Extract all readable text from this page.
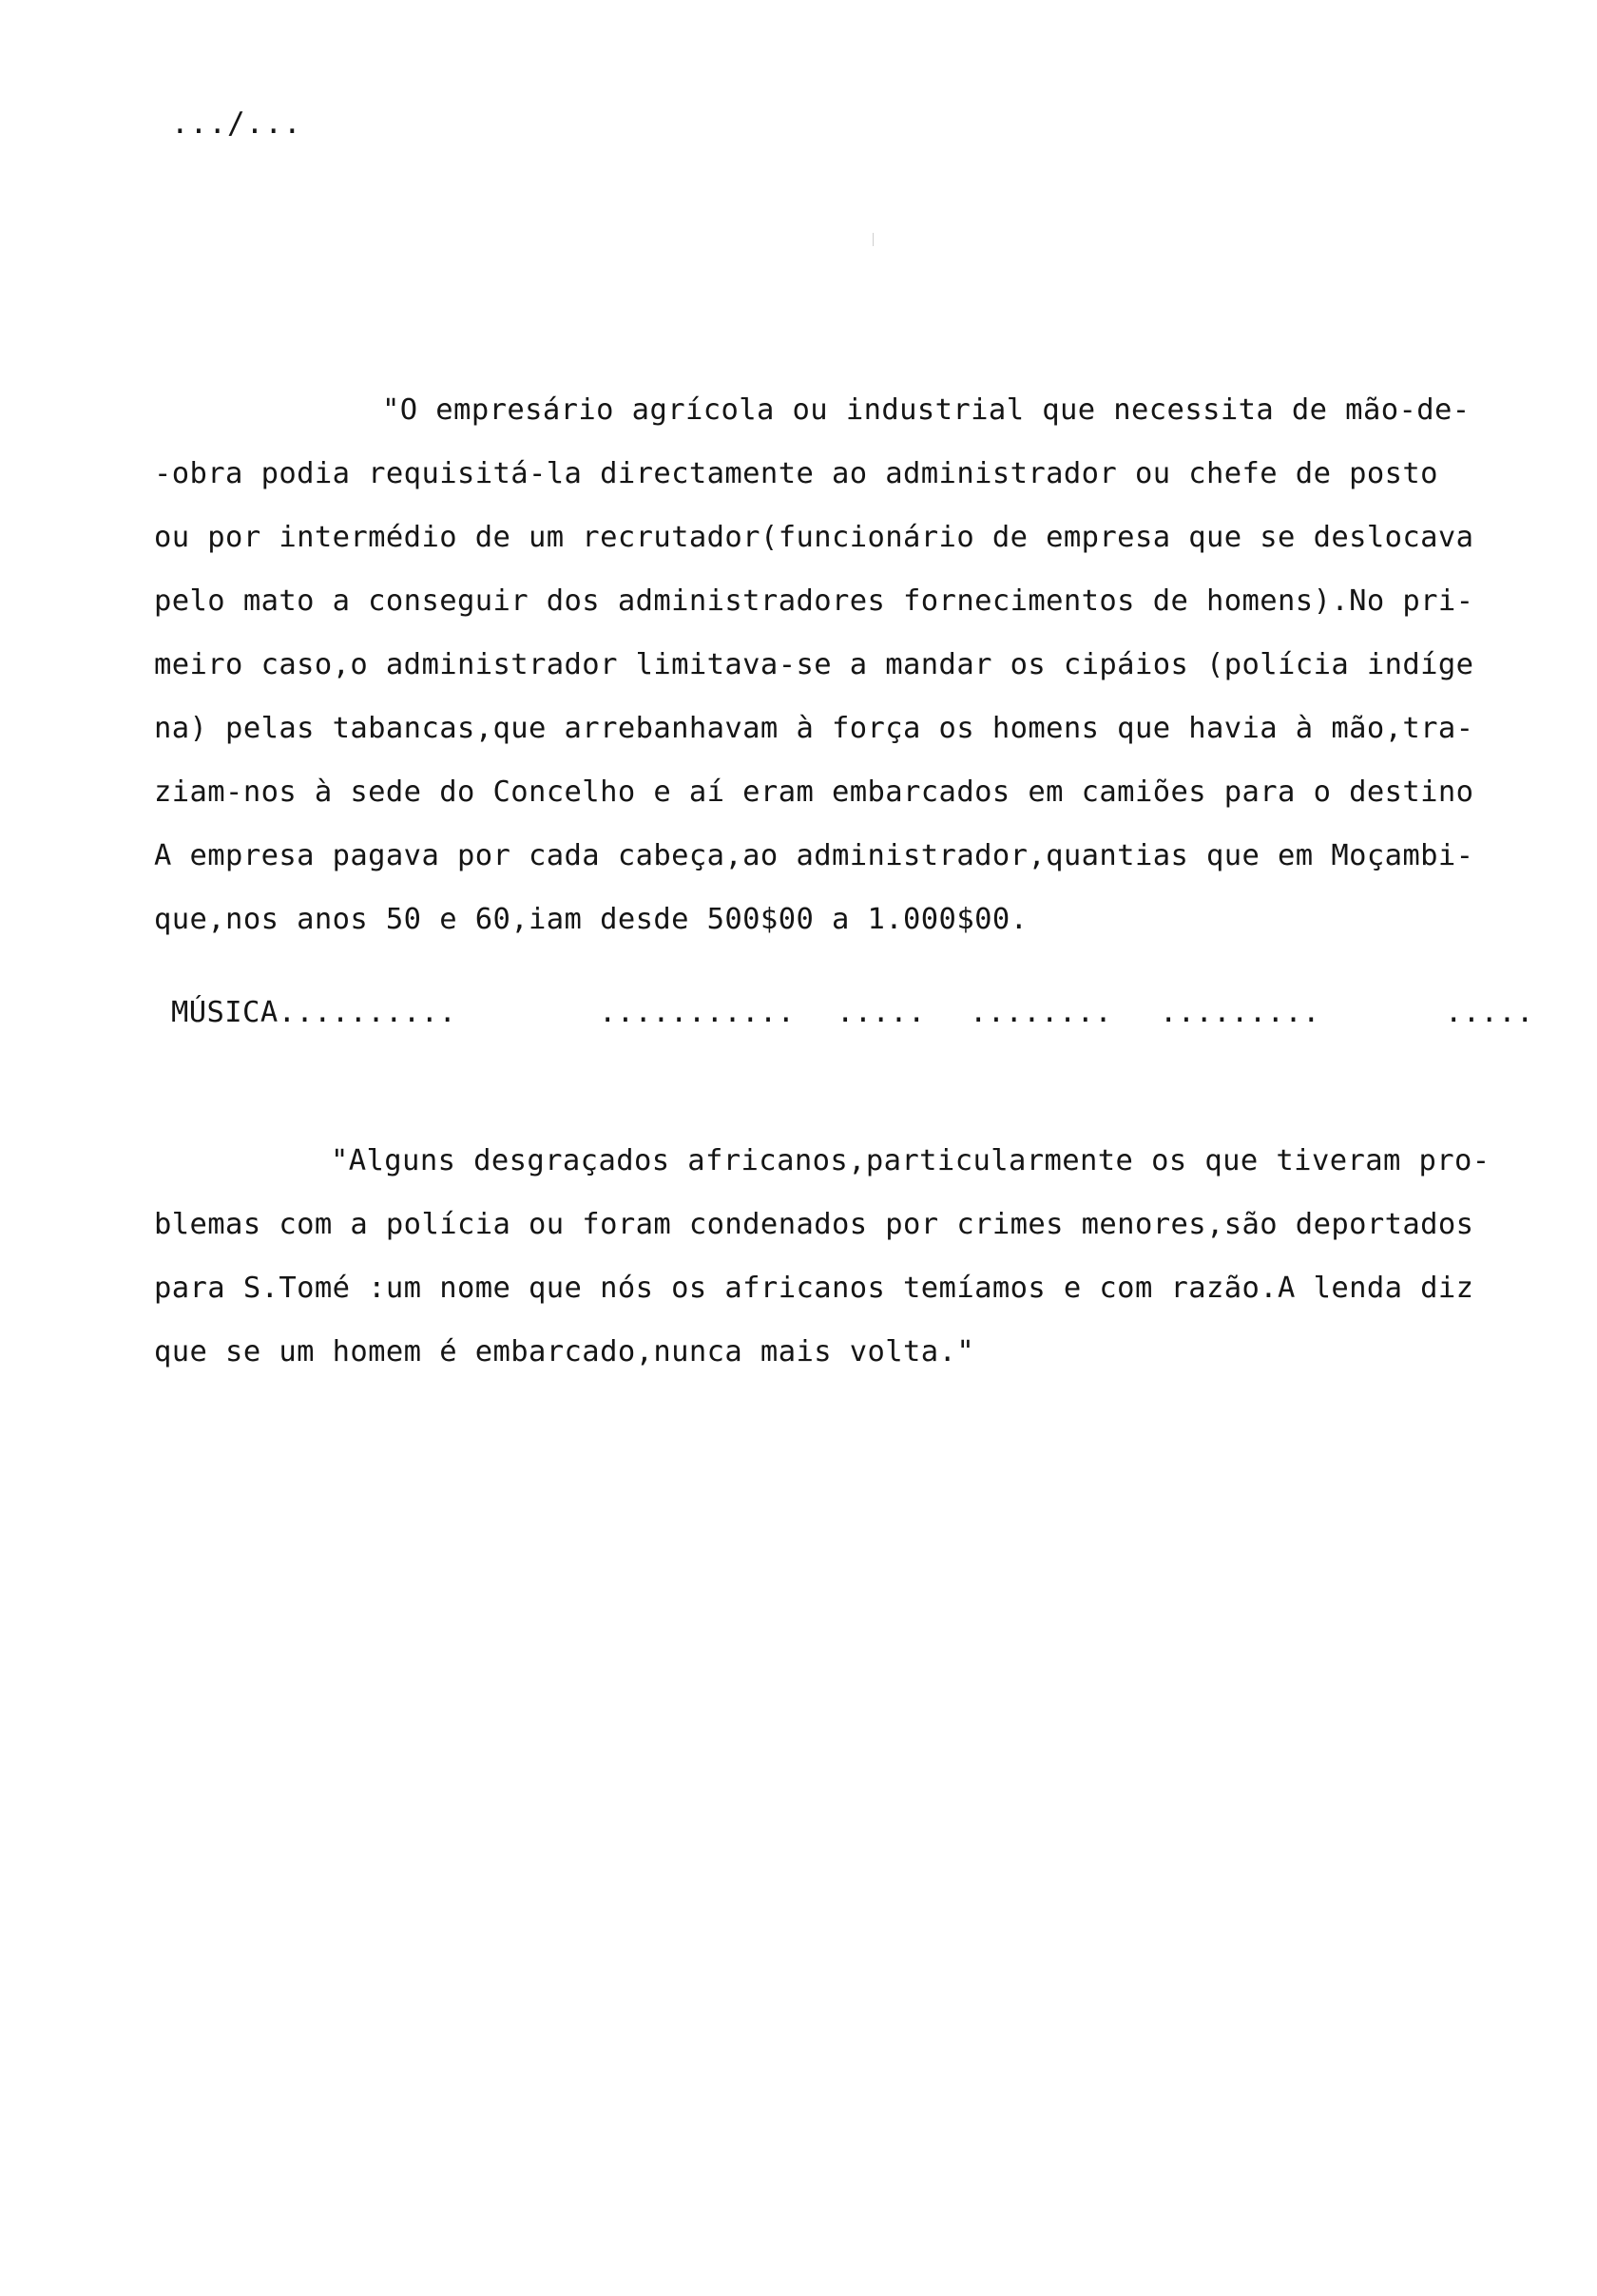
.../...
"O empresário agrícola ou industrial que necessita de mão-de-
-obra podia requisitá-la directamente ao administrador ou chefe de posto
ou por intermédio de um recrutador(funcionário de empresa que se deslocava
pelo mato a conseguir dos administradores fornecimentos de homens).No pri-
meiro caso,o administrador limitava-se a mandar os cipáios (polícia indíge
na) pelas tabancas,que arrebanhavam à força os homens que havia à mão,tra-
ziam-nos à sede do Concelho e aí eram embarcados em camiões para o destino
A empresa pagava por cada cabeça,ao administrador,quantias que em Moçambi-
que,nos anos 50 e 60,iam desde 500$00 a 1.000$00.
MÚSICA..........	........... ..... ........ .........	.....
"Alguns desgraçados africanos,particularmente os que tiveram pro-
blemas com a polícia ou foram condenados por crimes menores,são deportados
para S.Tomé :um nome que nós os africanos temíamos e com razão.A lenda diz
que se um homem é embarcado,nunca mais volta."
